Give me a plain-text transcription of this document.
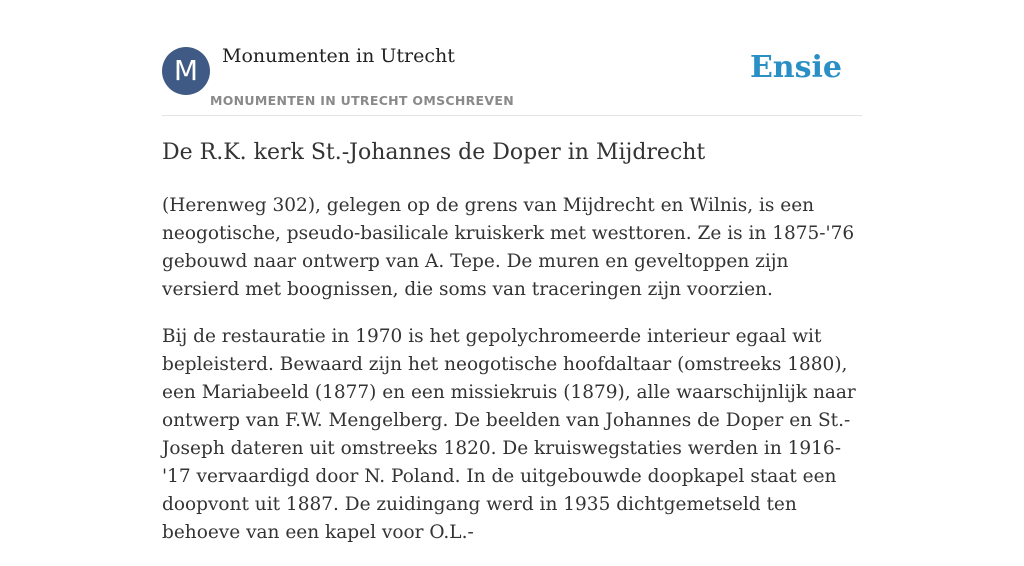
M	Monumenten in Utrecht
MONUMENTEN IN UTRECHT OMSCHREVEN
Ensie
De R.K. kerk St.-Johannes de Doper in Mijdrecht

(Herenweg 302), gelegen op de grens van Mijdrecht en Wilnis, is een neogotische, pseudo-basilicale kruiskerk met westtoren. Ze is in 1875-'76 gebouwd naar ontwerp van A. Tepe. De muren en geveltoppen zijn versierd met boognissen, die soms van traceringen zijn voorzien.

Bij de restauratie in 1970 is het gepolychromeerde interieur egaal wit bepleisterd. Bewaard zijn het neogotische hoofdaltaar (omstreeks 1880), een Mariabeeld (1877) en een missiekruis (1879), alle waarschijnlijk naar ontwerp van F.W. Mengelberg. De beelden van Johannes de Doper en St.-Joseph dateren uit omstreeks 1820. De kruiswegstaties werden in 1916-'17 vervaardigd door N. Poland. In de uitgebouwde doopkapel staat een doopvont uit 1887. De zuidingang werd in 1935 dichtgemetseld ten behoeve van een kapel voor O.L.-
